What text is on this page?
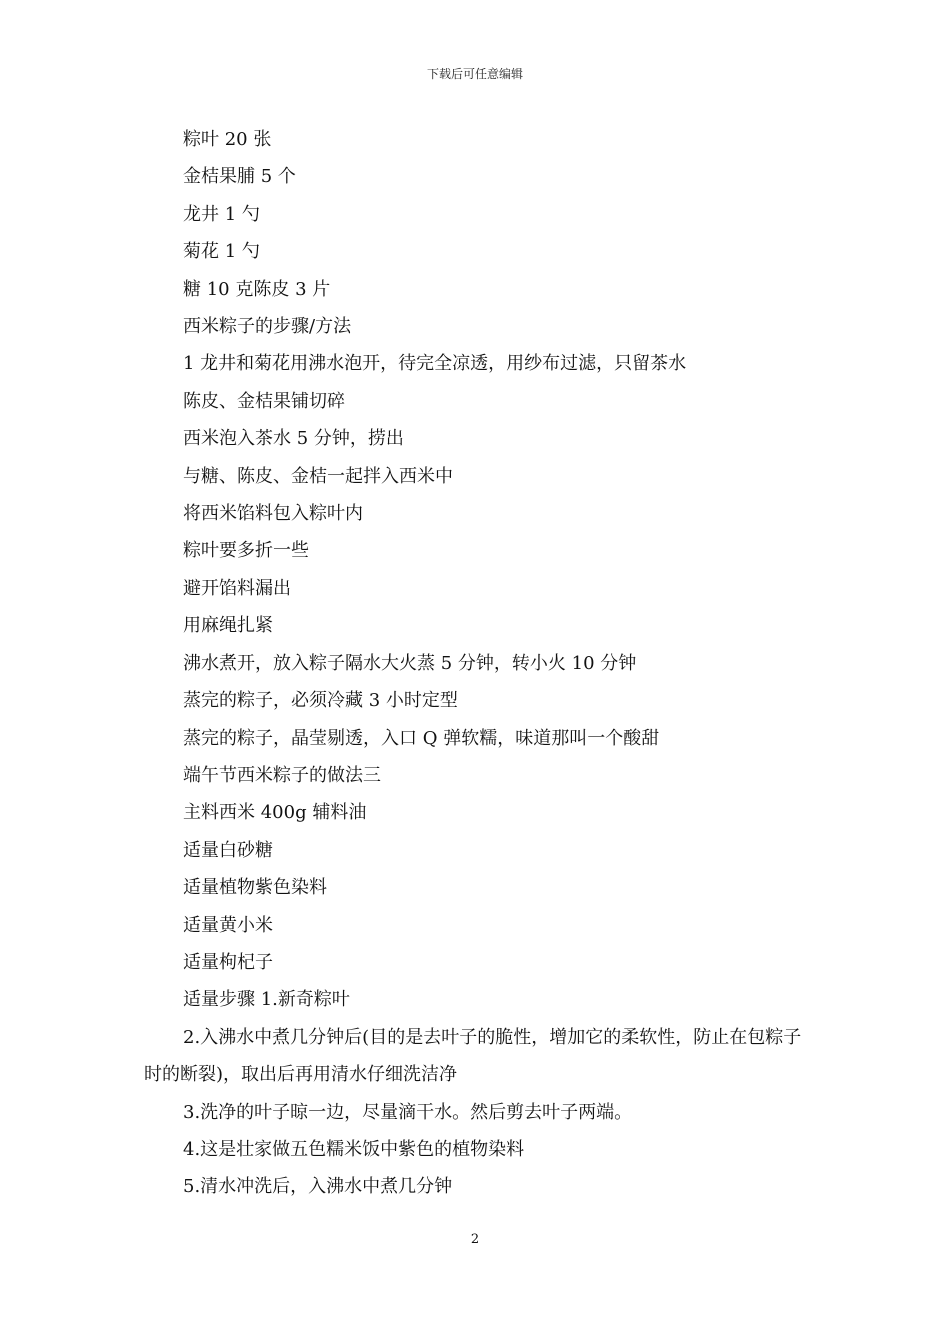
下载后可任意编辑

粽叶 20 张

金桔果脯 5 个

龙井 1 勺

菊花 1 勺

糖 10 克陈皮 3 片

西米粽子的步骤/方法

1 龙井和菊花用沸水泡开，待完全凉透，用纱布过滤，只留茶水

陈皮、金桔果铺切碎

西米泡入茶水 5 分钟，捞出

与糖、陈皮、金桔一起拌入西米中

将西米馅料包入粽叶内

粽叶要多折一些

避开馅料漏出

用麻绳扎紧

沸水煮开，放入粽子隔水大火蒸 5 分钟，转小火 10 分钟

蒸完的粽子，必须冷藏 3 小时定型

蒸完的粽子，晶莹剔透，入口 Q 弹软糯，味道那叫一个酸甜

端午节西米粽子的做法三

主料西米 400g 辅料油

适量白砂糖

适量植物紫色染料

适量黄小米

适量枸杞子

适量步骤 1.新奇粽叶

2.入沸水中煮几分钟后(目的是去叶子的脆性，增加它的柔软性，防止在包粽子时的断裂)，取出后再用清水仔细洗洁净

3.洗净的叶子晾一边，尽量滴干水。然后剪去叶子两端。

4.这是壮家做五色糯米饭中紫色的植物染料

5.清水冲洗后，入沸水中煮几分钟

2
